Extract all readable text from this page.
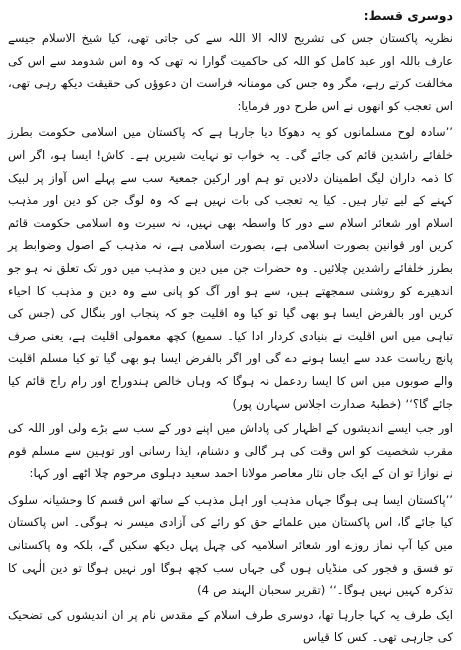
دوسری قسط:

نظریہ پاکستان جس کی تشریح لاالہ الا اللہ سے کی جاتی تھی، کیا شیخ الاسلام جیسے عارف باللہ اور عبد کامل کو اللہ کی حاکمیت گوارا نہ تھی کہ وہ اس شدومد سے اس کی مخالفت کرتے رہے، مگر وہ جس کی مومنانہ فراست ان دعوؤں کی حقیقت دیکھ رہی تھی، اس تعجب کو انھوں نے اس طرح دور فرمایا:

’’سادہ لوح مسلمانوں کو یہ دھوکا دیا جارہا ہے کہ پاکستان میں اسلامی حکومت بطرز خلفائے راشدین قائم کی جائے گی۔ یہ خواب تو نہایت شیریں ہے۔ کاش! ایسا ہو، اگر اس کا ذمہ داران لیگ اطمینان دلادیں تو ہم اور ارکین جمعیۃ سب سے پہلے اس آواز پر لبیک کہنے کے لیے تیار ہیں۔ کیا یہ تعجب کی بات نہیں ہے کہ وہ لوگ جن کو دین اور مذہب اسلام اور شعائر اسلام سے دور کا واسطہ بھی نہیں، نہ سیرت وہ اسلامی حکومت قائم کریں اور قوانین بصورت اسلامی ہے، بصورت اسلامی ہے، نہ مذہب کے اصول وضوابط پر بطرز خلفائے راشدین چلائیں۔ وہ حضرات جن میں دین و مذہب میں دور تک تعلق نہ ہو جو اندھیرے کو روشنی سمجھتے ہیں، سے ہو اور آگ کو پانی سے وہ دین و مذہب کا احیاء کریں اور بالفرض ایسا ہو بھی گیا تو کیا وہ اقلیت جو کہ پنجاب اور بنگال کی (جس کی تباہی میں اس اقلیت نے بنیادی کردار ادا کیا۔ سمیع) کچھ معمولی اقلیت ہے، یعنی صرف پانچ ریاست عدد سے ایسا ہونے دے گی اور اگر بالفرض ایسا ہو بھی گیا تو کیا مسلم اقلیت والے صوبوں میں اس کا ایسا ردعمل نہ ہوگا کہ وہاں خالص ہندوراج اور رام راج قائم کیا جائے گا؟‘‘ (خطبۂ صدارت اجلاس سہارن پور)

اور جب ایسے اندیشوں کے اظہار کی پاداش میں اپنے دور کے سب سے بڑے ولی اور اللہ کی مقرب شخصیت کو اس وقت کی ہر گالی و دشنام، ایذا رسانی اور توہین سے مسلم قوم نے نوازا تو ان کے ایک جاں نثار معاصر مولانا احمد سعید دہلوی مرحوم چلا اٹھے اور کہا:

’’پاکستان ایسا ہی ہوگا جہاں مذہب اور اہل مذہب کے ساتھ اس قسم کا وحشیانہ سلوک کیا جائے گا، اس پاکستان میں علمائے حق کو رائے کی آزادی میسر نہ ہوگی۔ اس پاکستان میں کیا آپ نماز روزے اور شعائر اسلامیہ کی چہل پہل دیکھ سکیں گے، بلکہ وہ پاکستانی تو فسق و فجور کی منڈیاں ہوں گی جہاں سب کچھ ہوگا اور نہیں ہوگا تو دین الٰہی کا تذکرہ کہیں نہیں ہوگا۔‘‘ (تقریر سحبان الہند ص 4)

ایک طرف یہ کہا جارہا تھا، دوسری طرف اسلام کے مقدس نام پر ان اندیشوں کی تضحیک کی جارہی تھی۔ کس کا قیاس
